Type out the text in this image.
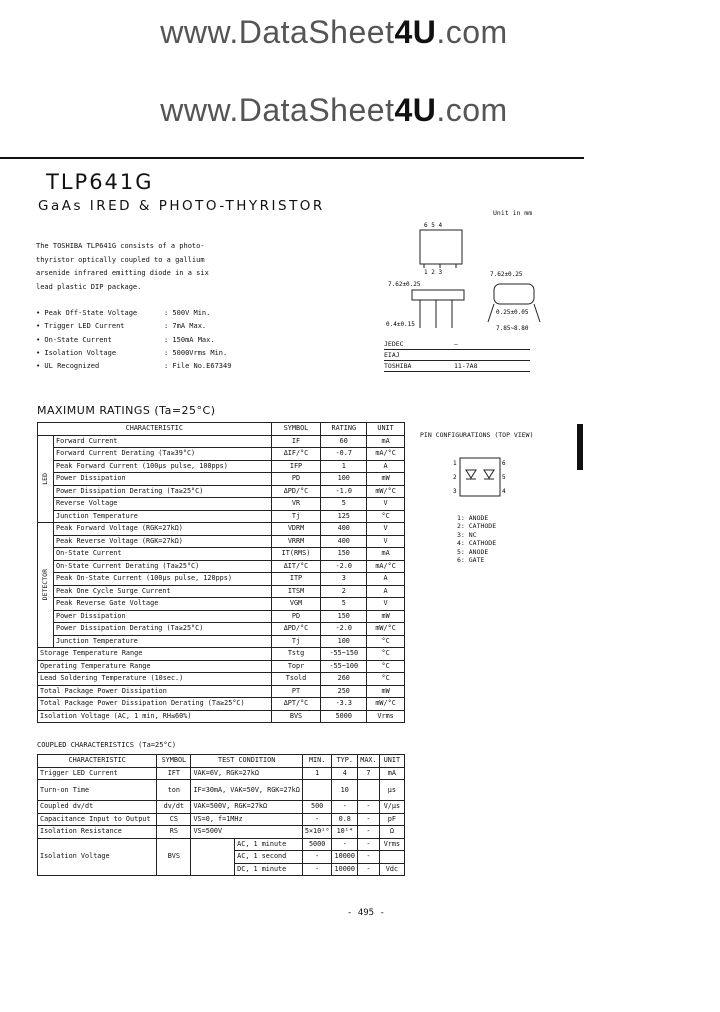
www.DataSheet4U.com
www.DataSheet4U.com
TLP641G
GaAs IRED & PHOTO-THYRISTOR
The TOSHIBA TLP641G consists of a photo-thyristor optically coupled to a gallium arsenide infrared emitting diode in a six lead plastic DIP package.
• Peak Off-State Voltage	: 500V Min.
• Trigger LED Current	: 7mA Max.
• On-State Current	: 150mA Max.
• Isolation Voltage	: 5000Vrms Min.
• UL Recognized	: File No.E67349
Unit in mm
6 5 4
1 2 3
7.62±0.25
0.4±0.15
7.62±0.25
0.25±0.05
7.85~8.80
JEDEC	—
EIAJ
TOSHIBA	11-7A8
MAXIMUM RATINGS (Ta=25°C)
CHARACTERISTIC		SYMBOL	RATING	UNIT

LED	Forward Current	IF	60	mA
	Forward Current Derating (Ta≥39°C)	ΔIF/°C	-0.7	mA/°C
	Peak Forward Current (100μs pulse, 100pps)	IFP	1	A
	Power Dissipation	PD	100	mW
	Power Dissipation Derating (Ta≥25°C)	ΔPD/°C	-1.0	mW/°C
	Reverse Voltage	VR	5	V
	Junction Temperature	Tj	125	°C

DETECTOR	Peak Forward Voltage (RGK=27kΩ)	VDRM	400	V
	Peak Reverse Voltage (RGK=27kΩ)	VRRM	400	V
	On-State Current	IT(RMS)	150	mA
	On-State Current Derating (Ta≥25°C)	ΔIT/°C	-2.0	mA/°C
	Peak On-State Current (100μs pulse, 120pps)	ITP	3	A
	Peak One Cycle Surge Current	ITSM	2	A
	Peak Reverse Gate Voltage	VGM	5	V
	Power Dissipation	PD	150	mW
	Power Dissipation Derating (Ta≥25°C)	ΔPD/°C	-2.0	mW/°C
	Junction Temperature	Tj	100	°C
Storage Temperature Range		Tstg	-55~150	°C
Operating Temperature Range		Topr	-55~100	°C
Lead Soldering Temperature (10sec.)		Tsold	260	°C
Total Package Power Dissipation		PT	250	mW
Total Package Power Dissipation Derating (Ta≥25°C)		ΔPT/°C	-3.3	mW/°C
Isolation Voltage (AC, 1 min, RH≤60%)		BVS	5000	Vrms
PIN CONFIGURATIONS (TOP VIEW)
6
5
4
1
2
3
1: ANODE
2: CATHODE
3: NC
4: CATHODE
5: ANODE
6: GATE
COUPLED CHARACTERISTICS (Ta=25°C)
CHARACTERISTIC	SYMBOL	TEST CONDITION		MIN.	TYP.	MAX.	UNIT
Trigger LED Current	IFT	VAK=6V, RGK=27kΩ		1	4	7	mA
Turn-on Time	ton	IF=30mA, VAK=50V, RGK=27kΩ			10		μs
Coupled dv/dt	dv/dt	VAK=500V, RGK=27kΩ		500	-	-	V/μs
Capacitance Input to Output	CS	VS=0, f=1MHz		-	0.8	-	pF
Isolation Resistance	RS	VS=500V		5×10¹⁰	10¹⁴	-	Ω
Isolation Voltage	BVS		AC, 1 minute	5000	-	-	Vrms
			AC, 1 second	-	10000	-	
			DC, 1 minute	-	10000	-	Vdc
- 495 -
